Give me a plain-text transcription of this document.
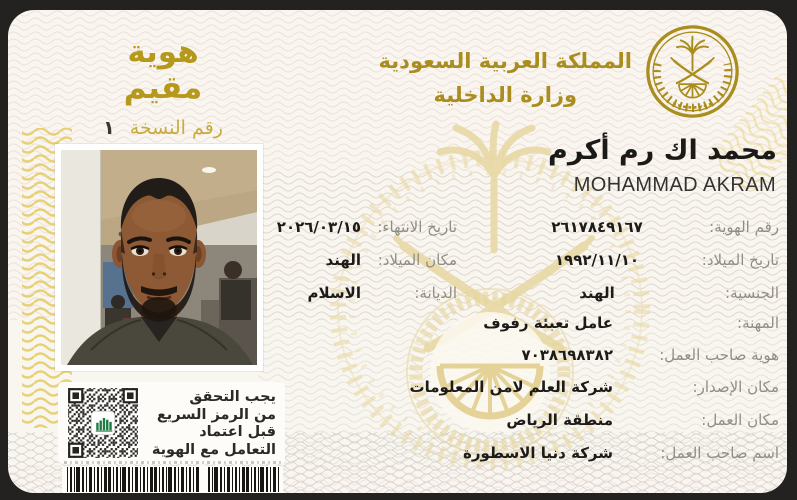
هوية مقيم
رقم النسخة
١
المملكة العربية السعودية
وزارة الداخلية
محمد اك رم أكرم
MOHAMMAD AKRAM
رقم الهوية:
٢٦١٧٨٤٩١٦٧
تاريخ الانتهاء:
٢٠٢٦/٠٣/١٥
تاريخ الميلاد:
١٩٩٢/١١/١٠
مكان الميلاد:
الهند
الجنسية:
الهند
الديانة:
الاسلام
المهنة:
عامل تعبئة رفوف
هوية صاحب العمل:
٧٠٣٨٦٩٨٣٨٢
مكان الإصدار:
شركة العلم لامن المعلومات
مكان العمل:
منطقة الرياض
اسم صاحب العمل:
شركة دنيا الاسطورة
يجب التحقق
من الرمز السريع
قبل اعتماد
التعامل مع الهوية
